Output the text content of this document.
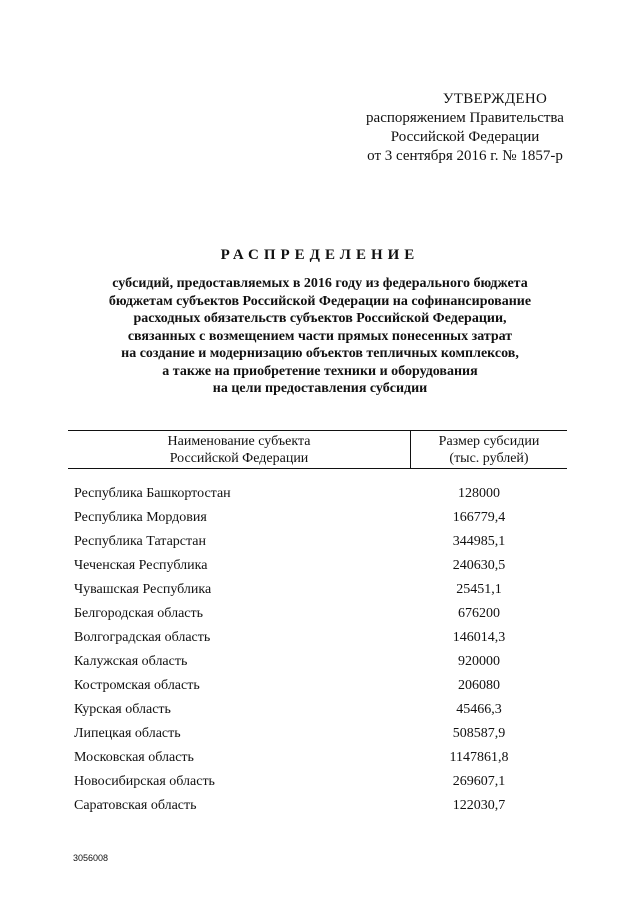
УТВЕРЖДЕНО
распоряжением Правительства
Российской Федерации
от 3 сентября 2016 г. № 1857-р
РАСПРЕДЕЛЕНИЕ
субсидий, предоставляемых в 2016 году из федерального бюджета
бюджетам субъектов Российской Федерации на софинансирование
расходных обязательств субъектов Российской Федерации,
связанных с возмещением части прямых понесенных затрат
на создание и модернизацию объектов тепличных комплексов,
а также на приобретение техники и оборудования
на цели предоставления субсидии
Наименование субъекта
Российской Федерации
Размер субсидии
(тыс. рублей)
Республика Башкортостан	128000
Республика Мордовия	166779,4
Республика Татарстан	344985,1
Чеченская Республика	240630,5
Чувашская Республика	25451,1
Белгородская область	676200
Волгоградская область	146014,3
Калужская область	920000
Костромская область	206080
Курская область	45466,3
Липецкая область	508587,9
Московская область	1147861,8
Новосибирская область	269607,1
Саратовская область	122030,7
3056008
